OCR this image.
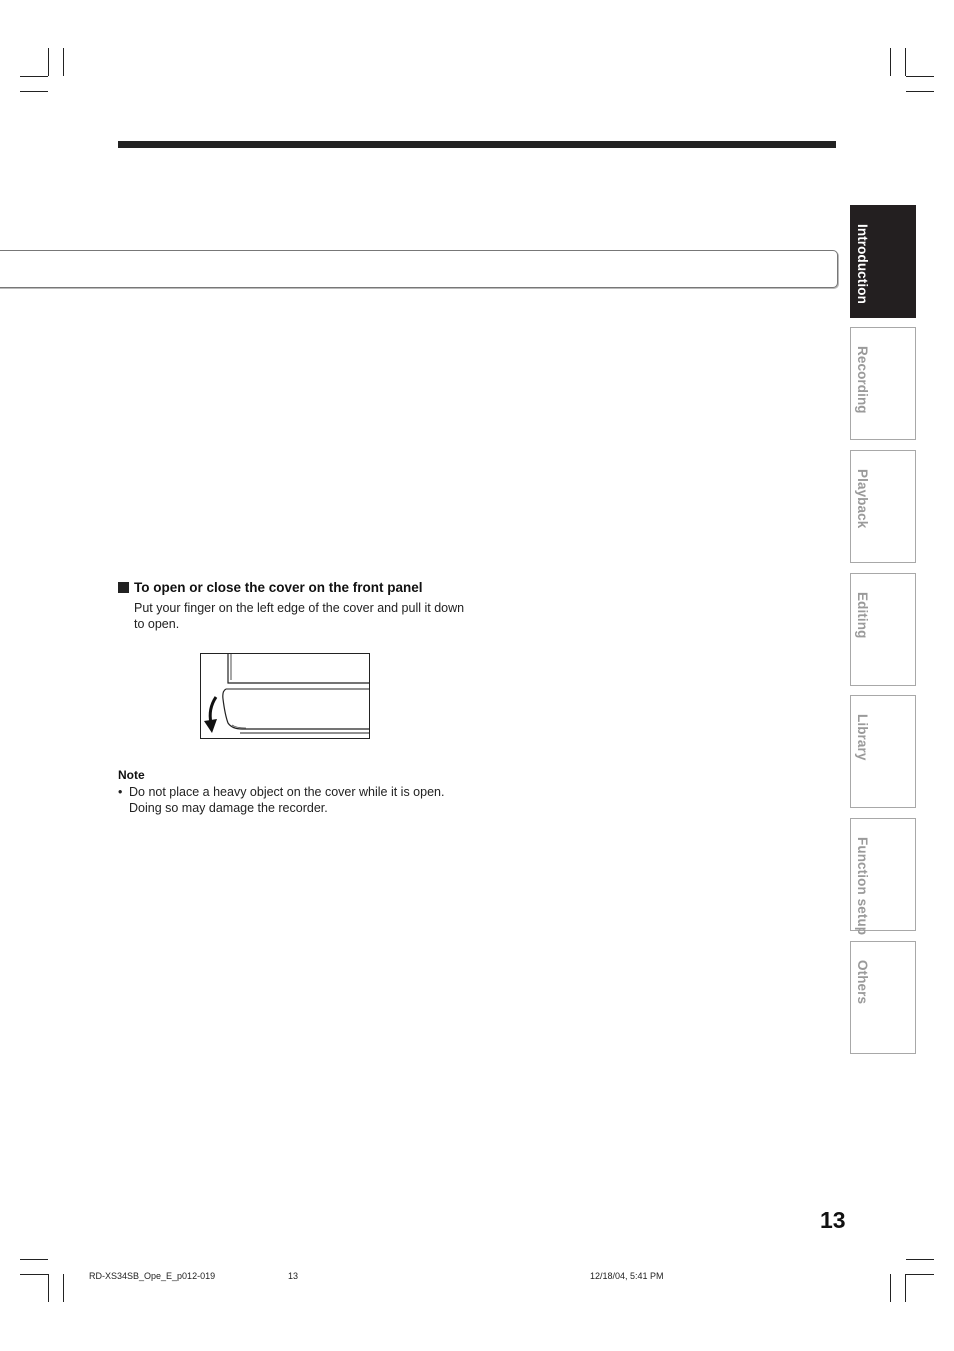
Introduction
Recording
Playback
Editing
Library
Function setup
Others
To open or close the cover on the front panel
Put your finger on the left edge of the cover and pull it down to open.
Note
• Do not place a heavy object on the cover while it is open. Doing so may damage the recorder.
13
RD-XS34SB_Ope_E_p012-019	13	12/18/04, 5:41 PM
